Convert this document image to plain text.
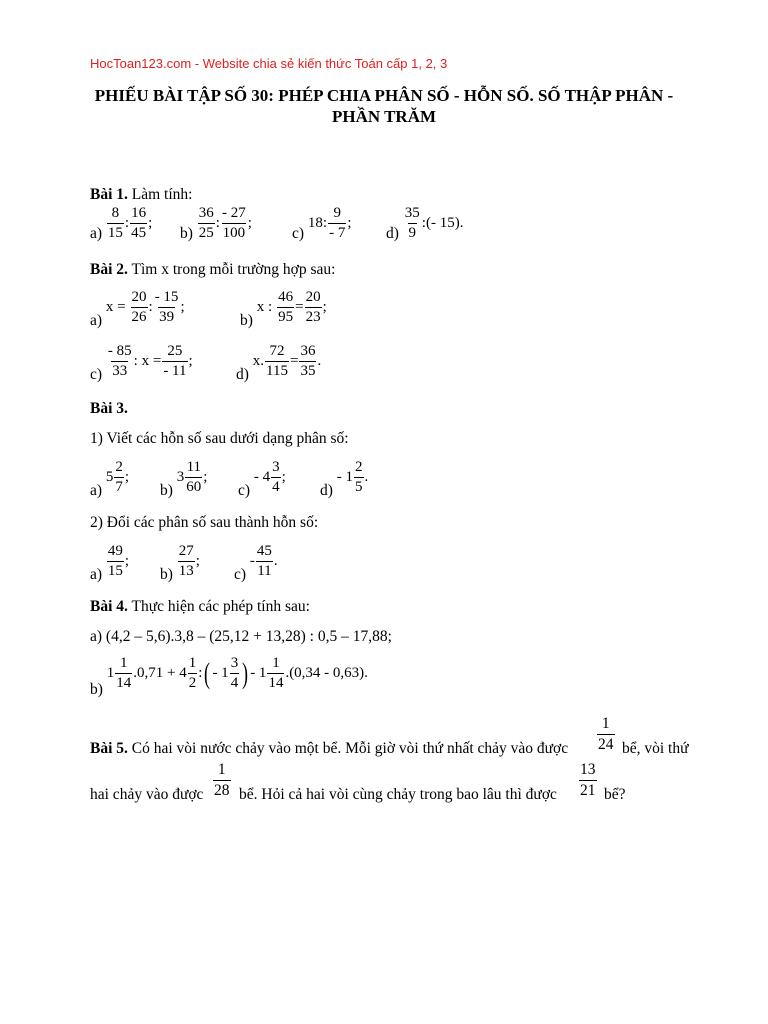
HocToan123.com - Website chia sẻ kiến thức Toán cấp 1, 2, 3
PHIẾU BÀI TẬP SỐ 30: PHÉP CHIA PHÂN SỐ - HỖN SỐ. SỐ THẬP PHÂN - PHẦN TRĂM
Bài 1. Làm tính:
$a) \frac{8}{15}$ : $\frac{16}{45}$ ;
$b) \frac{36}{25}$ : $\frac{- 27}{100}$ ;
c) 18: $\frac{9}{- 7}$ ;
$d) \frac{35}{9}$ :(- 15).
Bài 2. Tìm x trong mỗi trường hợp sau:
a) $x = \frac{20}{26}$ : $\frac{- 15}{39}$ ;
b) x : $\frac{46}{95} = \frac{20}{23}$ ;
$c) \frac{- 85}{33}$ : $x = \frac{25}{- 11}$ ;
d) x. $\frac{72}{115} = \frac{36}{35}$ .
Bài 3.
1) Viết các hỗn số sau dưới dạng phân số:
a) $5 \frac{2}{7}$ ;
b) $3 \frac{11}{60}$ ;
$c) - 4 \frac{3}{4}$ ;
$d) - 1 \frac{2}{5}$ .
2) Đổi các phân số sau thành hỗn số:
$a) \frac{49}{15}$ ;
$b) \frac{27}{13}$ ;
$c) - \frac{45}{11}$ .
Bài 4. Thực hiện các phép tính sau:
a) (4,2 – 5,6).3,8 – (25,12 + 13,28) : 0,5 – 17,88;
b) $1 \frac{1}{14} .0,71 + 4 \frac{1}{2}$ :( - $1 \frac{3}{4}$ ) - $1 \frac{1}{14} .(0,34 - 0,63)$.
Bài 5. Có hai vòi nước chảy vào một bể. Mỗi giờ vòi thứ nhất chảy vào được $\frac{1}{24}$ bể, vòi thứ
hai chảy vào được $\frac{1}{28}$ bể. Hỏi cả hai vòi cùng chảy trong bao lâu thì được $\frac{13}{21}$ bể?
